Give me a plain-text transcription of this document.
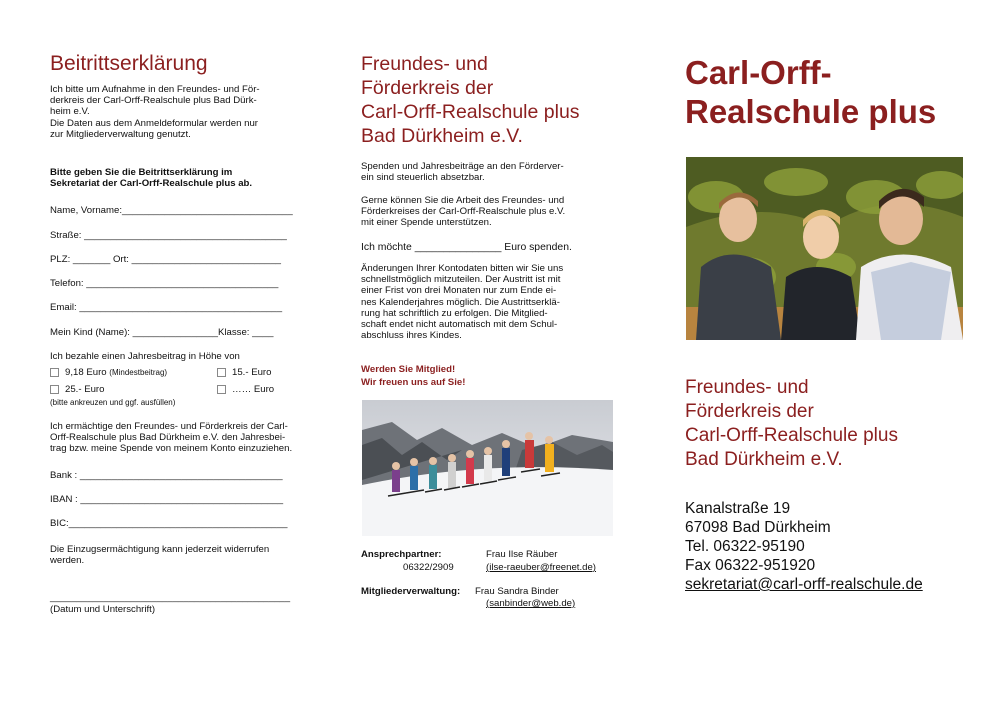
Beitrittserklärung
Ich bitte um Aufnahme in den Freundes- und För-
derkreis der Carl-Orff-Realschule plus Bad Dürk-
heim e.V.
Die Daten aus dem Anmeldeformular werden nur
zur Mitgliederverwaltung genutzt.
Bitte geben Sie die Beitrittserklärung im
Sekretariat der Carl-Orff-Realschule plus ab.
Name, Vorname:________________________________
Straße: ______________________________________
PLZ: _______ Ort: ____________________________
Telefon: ____________________________________
Email: ______________________________________
Mein Kind (Name): ________________Klasse: ____
Ich bezahle einen Jahresbeitrag in Höhe von
9,18 Euro (Mindestbeitrag)	15.- Euro
25.- Euro	…… Euro
(bitte ankreuzen und ggf. ausfüllen)
Ich ermächtige den Freundes- und Förderkreis der Carl-
Orff-Realschule plus Bad Dürkheim e.V. den Jahresbei-
trag bzw. meine Spende von meinem Konto einzuziehen.
Bank : ______________________________________
IBAN : ______________________________________
BIC:_________________________________________
Die Einzugsermächtigung kann jederzeit widerrufen
werden.
_____________________________________________
(Datum und Unterschrift)
Freundes- und
Förderkreis der
Carl-Orff-Realschule plus
Bad Dürkheim e.V.
Spenden und Jahresbeiträge an den Förderver-
ein sind steuerlich absetzbar.
Gerne können Sie die Arbeit des Freundes- und
Förderkreises der Carl-Orff-Realschule plus e.V.
mit einer Spende unterstützen.
Ich möchte _______________ Euro spenden.
Änderungen Ihrer Kontodaten bitten wir Sie uns
schnellstmöglich mitzuteilen. Der Austritt ist mit
einer Frist von drei Monaten nur zum Ende ei-
nes Kalenderjahres möglich. Die Austrittserklä-
rung hat schriftlich zu erfolgen. Die Mitglied-
schaft endet nicht automatisch mit dem Schul-
abschluss ihres Kindes.
Werden Sie Mitglied!
Wir freuen uns auf Sie!
Ansprechpartner:
06322/2909
Frau Ilse Räuber
(ilse-raeuber@freenet.de)
Mitgliederverwaltung: Frau Sandra Binder
(sanbinder@web.de)
Carl-Orff-
Realschule plus
Freundes- und
Förderkreis der
Carl-Orff-Realschule plus
Bad Dürkheim e.V.
Kanalstraße 19
67098 Bad Dürkheim
Tel. 06322-95190
Fax 06322-951920
sekretariat@carl-orff-realschule.de
